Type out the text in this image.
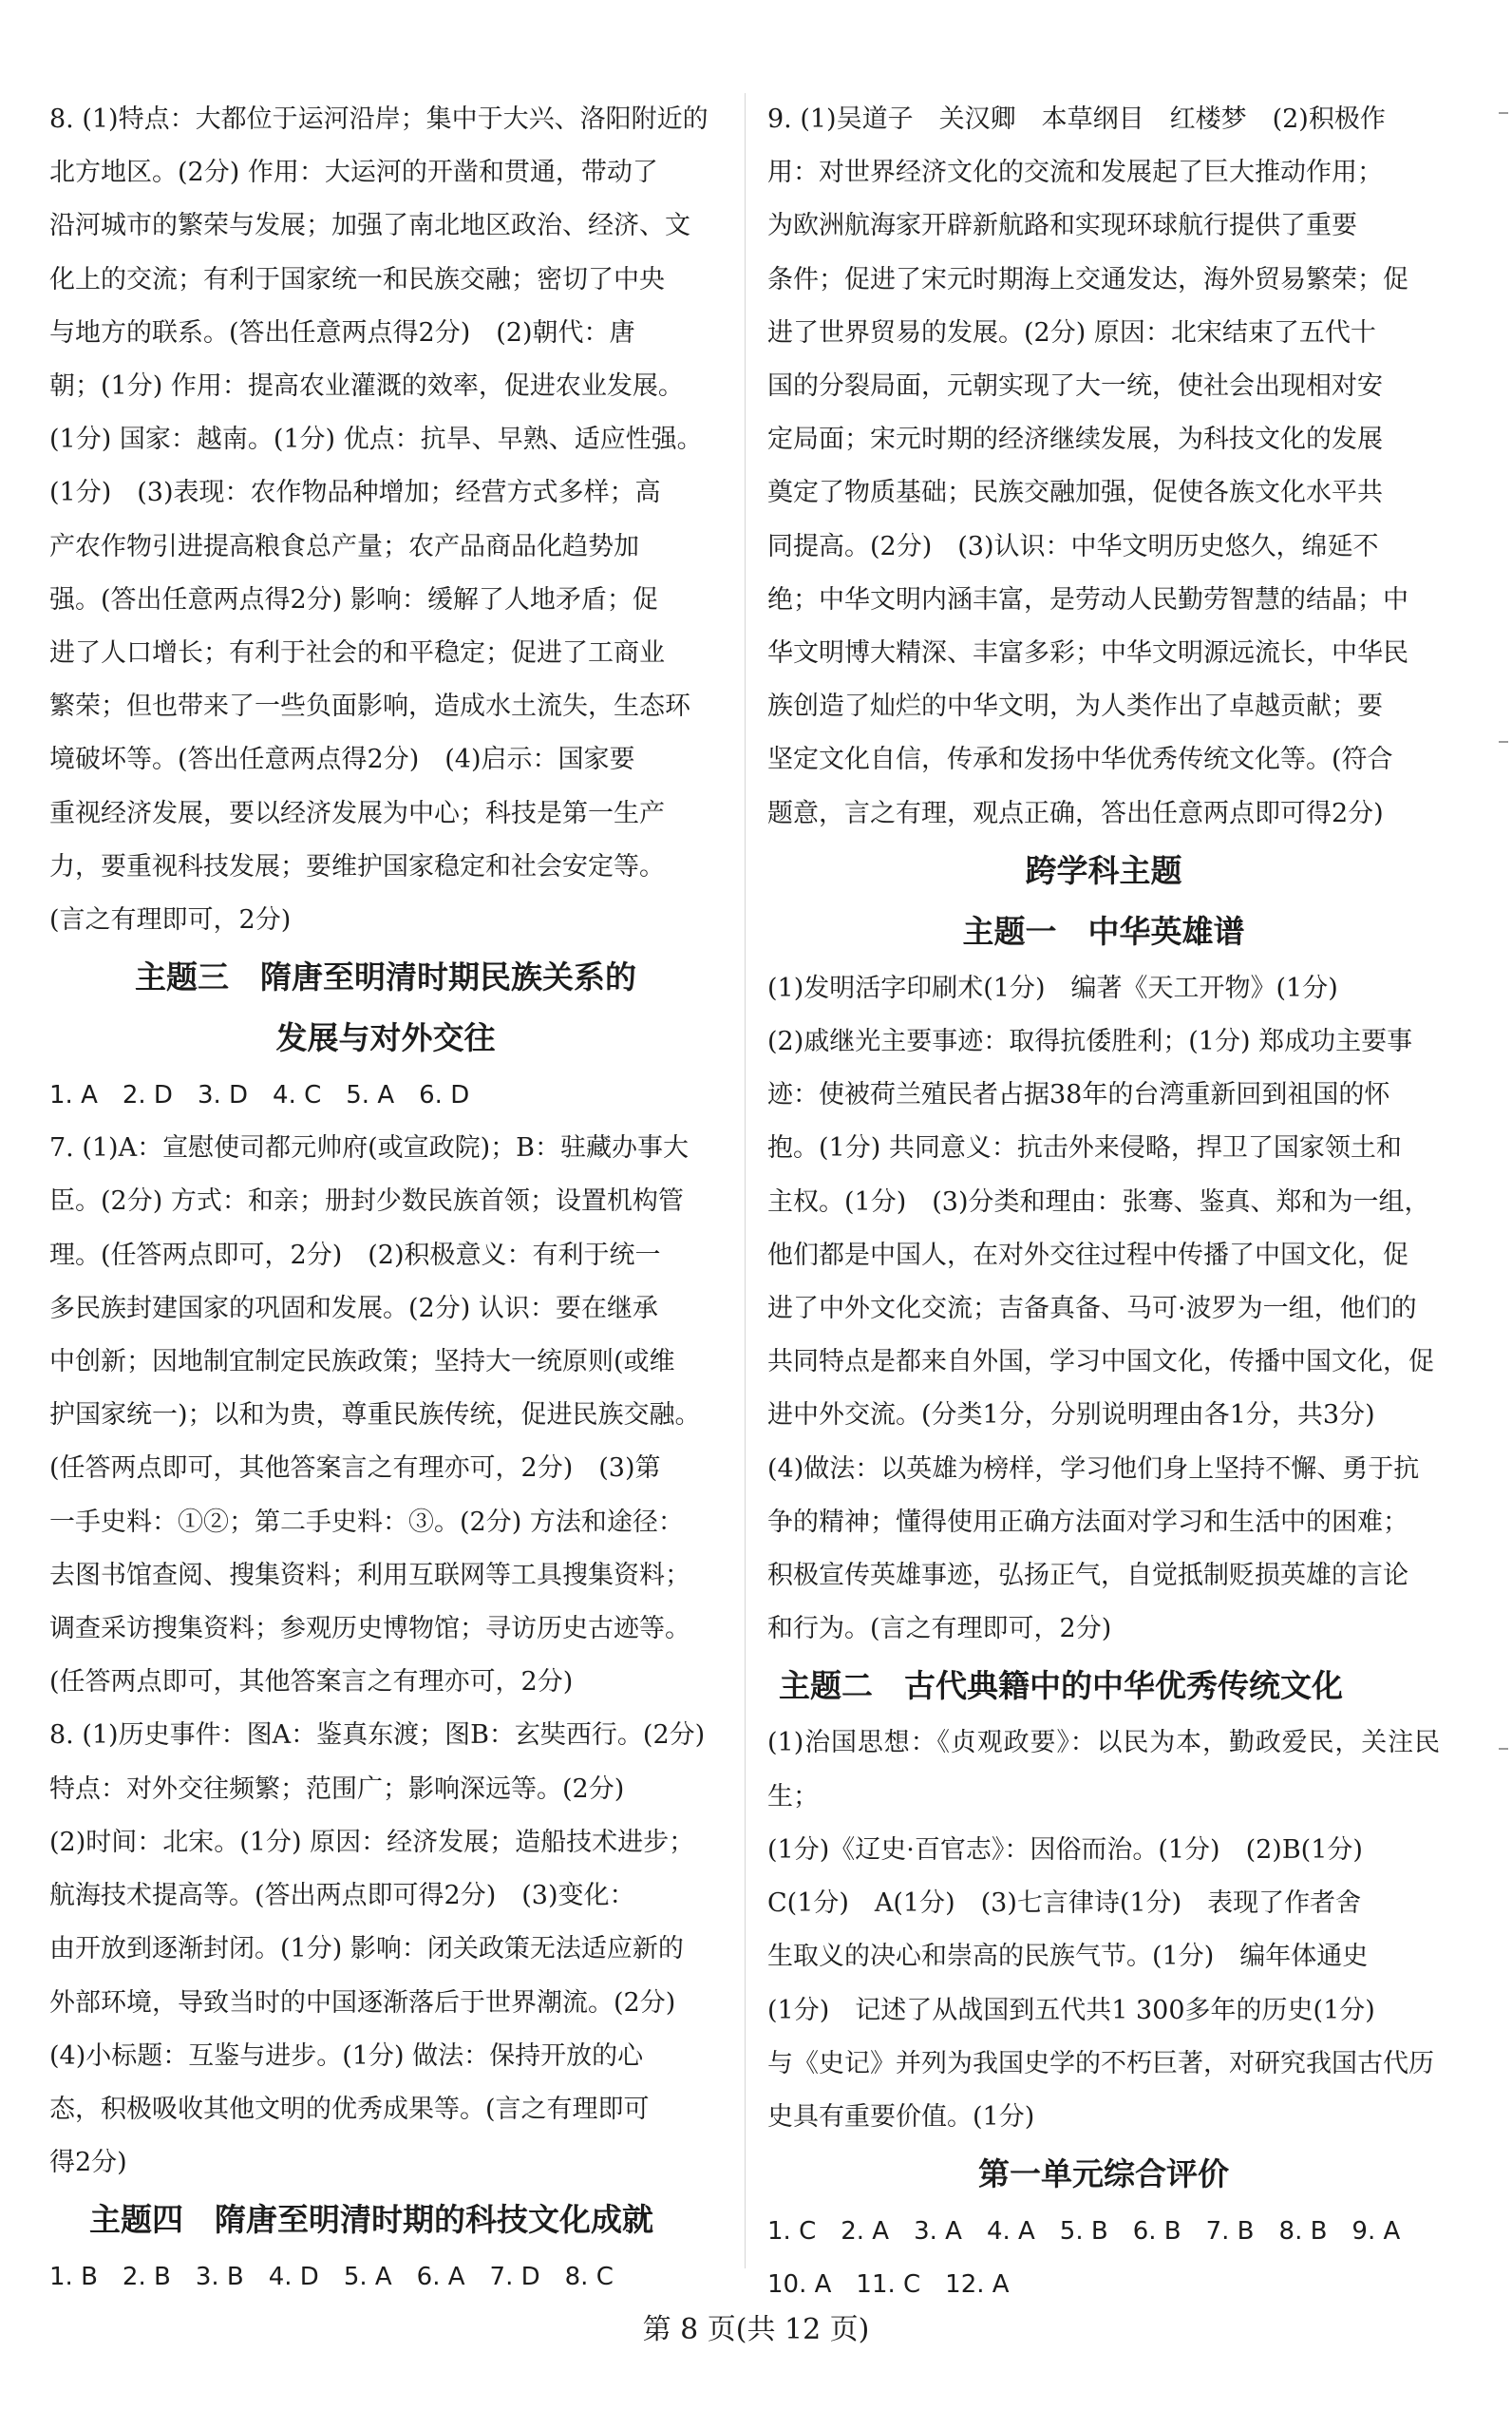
8. (1)特点：大都位于运河沿岸；集中于大兴、洛阳附近的

北方地区。(2分) 作用：大运河的开凿和贯通，带动了

沿河城市的繁荣与发展；加强了南北地区政治、经济、文

化上的交流；有利于国家统一和民族交融；密切了中央

与地方的联系。(答出任意两点得2分)　(2)朝代：唐

朝；(1分) 作用：提高农业灌溉的效率，促进农业发展。

(1分) 国家：越南。(1分) 优点：抗旱、早熟、适应性强。

(1分)　(3)表现：农作物品种增加；经营方式多样；高

产农作物引进提高粮食总产量；农产品商品化趋势加

强。(答出任意两点得2分) 影响：缓解了人地矛盾；促

进了人口增长；有利于社会的和平稳定；促进了工商业

繁荣；但也带来了一些负面影响，造成水土流失，生态环

境破坏等。(答出任意两点得2分)　(4)启示：国家要

重视经济发展，要以经济发展为中心；科技是第一生产

力，要重视科技发展；要维护国家稳定和社会安定等。

(言之有理即可，2分)

主题三　隋唐至明清时期民族关系的
发展与对外交往

1. A　2. D　3. D　4. C　5. A　6. D

7. (1)A：宣慰使司都元帅府(或宣政院)；B：驻藏办事大

臣。(2分) 方式：和亲；册封少数民族首领；设置机构管

理。(任答两点即可，2分)　(2)积极意义：有利于统一

多民族封建国家的巩固和发展。(2分) 认识：要在继承

中创新；因地制宜制定民族政策；坚持大一统原则(或维

护国家统一)；以和为贵，尊重民族传统，促进民族交融。

(任答两点即可，其他答案言之有理亦可，2分)　(3)第

一手史料：①②；第二手史料：③。(2分) 方法和途径：

去图书馆查阅、搜集资料；利用互联网等工具搜集资料；

调查采访搜集资料；参观历史博物馆；寻访历史古迹等。

(任答两点即可，其他答案言之有理亦可，2分)

8. (1)历史事件：图A：鉴真东渡；图B：玄奘西行。(2分)

特点：对外交往频繁；范围广；影响深远等。(2分)

(2)时间：北宋。(1分) 原因：经济发展；造船技术进步；

航海技术提高等。(答出两点即可得2分)　(3)变化：

由开放到逐渐封闭。(1分) 影响：闭关政策无法适应新的

外部环境，导致当时的中国逐渐落后于世界潮流。(2分)

(4)小标题：互鉴与进步。(1分) 做法：保持开放的心

态，积极吸收其他文明的优秀成果等。(言之有理即可

得2分)

主题四　隋唐至明清时期的科技文化成就

1. B　2. B　3. B　4. D　5. A　6. A　7. D　8. C

9. (1)吴道子　关汉卿　本草纲目　红楼梦　(2)积极作

用：对世界经济文化的交流和发展起了巨大推动作用；

为欧洲航海家开辟新航路和实现环球航行提供了重要

条件；促进了宋元时期海上交通发达，海外贸易繁荣；促

进了世界贸易的发展。(2分) 原因：北宋结束了五代十

国的分裂局面，元朝实现了大一统，使社会出现相对安

定局面；宋元时期的经济继续发展，为科技文化的发展

奠定了物质基础；民族交融加强，促使各族文化水平共

同提高。(2分)　(3)认识：中华文明历史悠久，绵延不

绝；中华文明内涵丰富，是劳动人民勤劳智慧的结晶；中

华文明博大精深、丰富多彩；中华文明源远流长，中华民

族创造了灿烂的中华文明，为人类作出了卓越贡献；要

坚定文化自信，传承和发扬中华优秀传统文化等。(符合

题意，言之有理，观点正确，答出任意两点即可得2分)

跨学科主题
主题一　中华英雄谱

(1)发明活字印刷术(1分)　编著《天工开物》(1分)

(2)戚继光主要事迹：取得抗倭胜利；(1分) 郑成功主要事

迹：使被荷兰殖民者占据38年的台湾重新回到祖国的怀

抱。(1分) 共同意义：抗击外来侵略，捍卫了国家领土和

主权。(1分)　(3)分类和理由：张骞、鉴真、郑和为一组，

他们都是中国人，在对外交往过程中传播了中国文化，促

进了中外文化交流；吉备真备、马可·波罗为一组，他们的

共同特点是都来自外国，学习中国文化，传播中国文化，促

进中外交流。(分类1分，分别说明理由各1分，共3分)

(4)做法：以英雄为榜样，学习他们身上坚持不懈、勇于抗

争的精神；懂得使用正确方法面对学习和生活中的困难；

积极宣传英雄事迹，弘扬正气，自觉抵制贬损英雄的言论

和行为。(言之有理即可，2分)

主题二　古代典籍中的中华优秀传统文化

(1)治国思想：《贞观政要》：以民为本，勤政爱民，关注民生；

(1分)《辽史·百官志》：因俗而治。(1分)　(2)B(1分)

C(1分)　A(1分)　(3)七言律诗(1分)　表现了作者舍

生取义的决心和崇高的民族气节。(1分)　编年体通史

(1分)　记述了从战国到五代共1 300多年的历史(1分)

与《史记》并列为我国史学的不朽巨著，对研究我国古代历

史具有重要价值。(1分)

第一单元综合评价

1. C　2. A　3. A　4. A　5. B　6. B　7. B　8. B　9. A

10. A　11. C　12. A

第 8 页(共 12 页)
